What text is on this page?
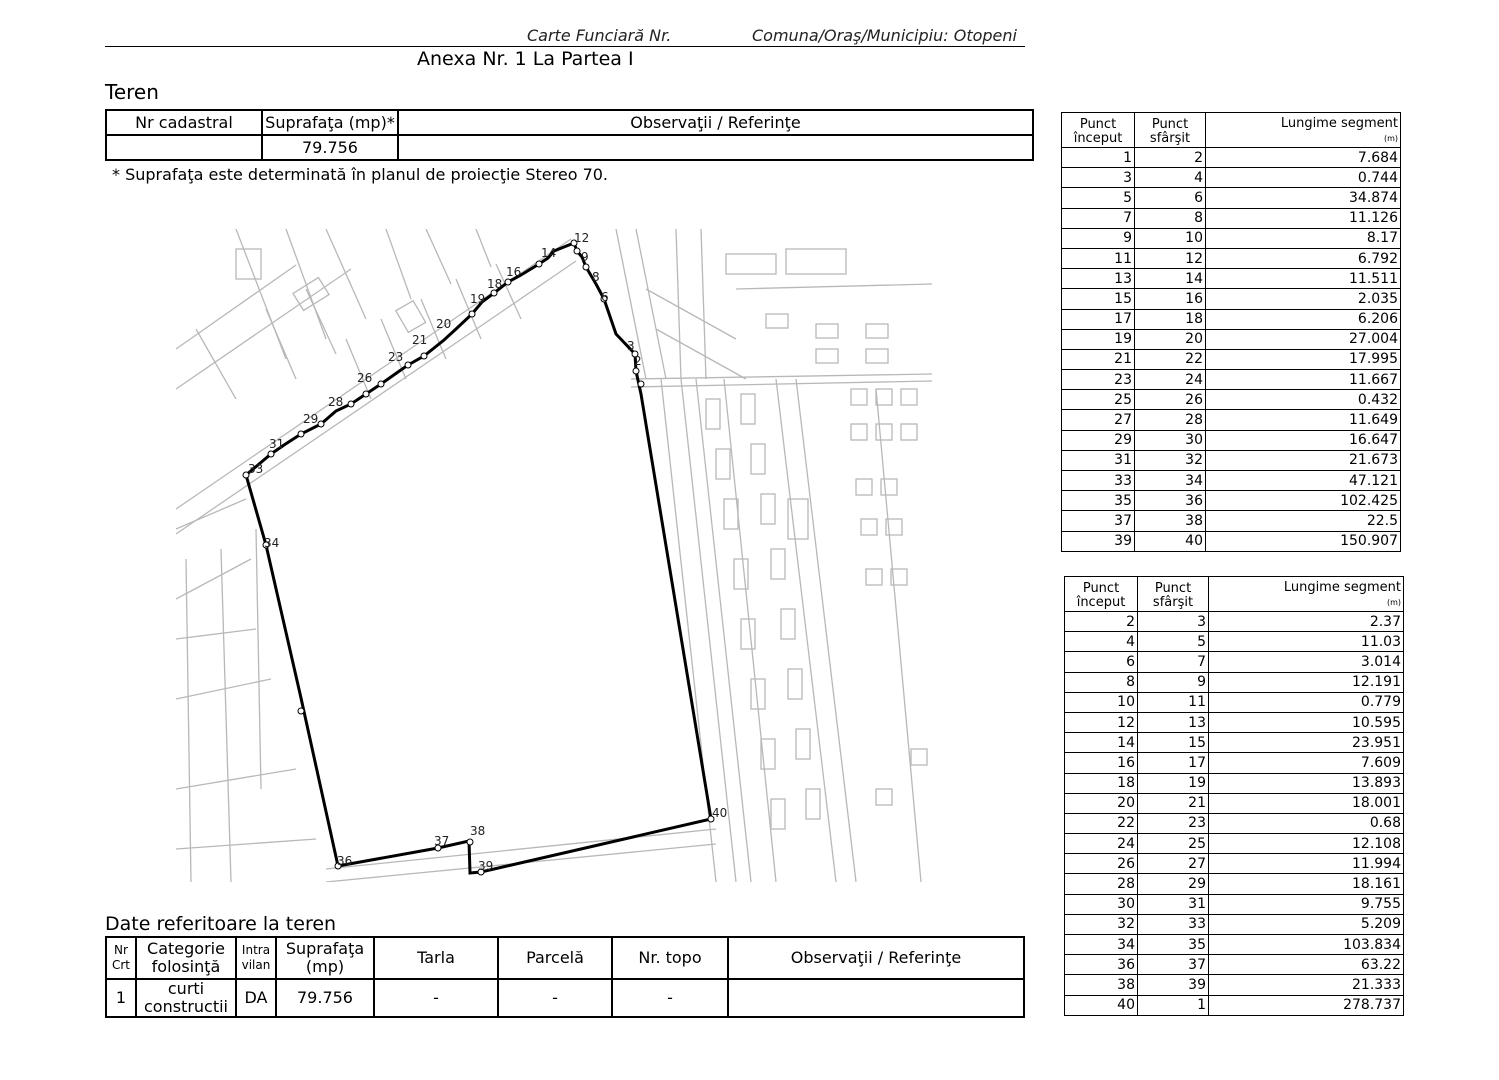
Carte Funciară Nr.	Comuna/Oraş/Municipiu: Otopeni
Anexa Nr. 1 La Partea I
Teren
Nr cadastral	Suprafaţa (mp)*	Observaţii / Referinţe
	79.756	
* Suprafaţa este determinată în planul de proiecţie Stereo 70.
12
9
8
6
3
2
14
16
18
19
20
21
23
26
28
29
31
33
34
36
37
38
39
40
Date referitoare la teren
Nr Crt	Categorie folosinţă	Intra vilan	Suprafaţa (mp)	Tarla	Parcelă	Nr. topo	Observaţii / Referinţe
1	curti constructii	DA	79.756	-	-	-	
Punct început	Punct sfârşit	Lungime segment
(m)
1	2	7.684
3	4	0.744
5	6	34.874
7	8	11.126
9	10	8.17
11	12	6.792
13	14	11.511
15	16	2.035
17	18	6.206
19	20	27.004
21	22	17.995
23	24	11.667
25	26	0.432
27	28	11.649
29	30	16.647
31	32	21.673
33	34	47.121
35	36	102.425
37	38	22.5
39	40	150.907
Punct început	Punct sfârşit	Lungime segment
(m)
2	3	2.37
4	5	11.03
6	7	3.014
8	9	12.191
10	11	0.779
12	13	10.595
14	15	23.951
16	17	7.609
18	19	13.893
20	21	18.001
22	23	0.68
24	25	12.108
26	27	11.994
28	29	18.161
30	31	9.755
32	33	5.209
34	35	103.834
36	37	63.22
38	39	21.333
40	1	278.737
